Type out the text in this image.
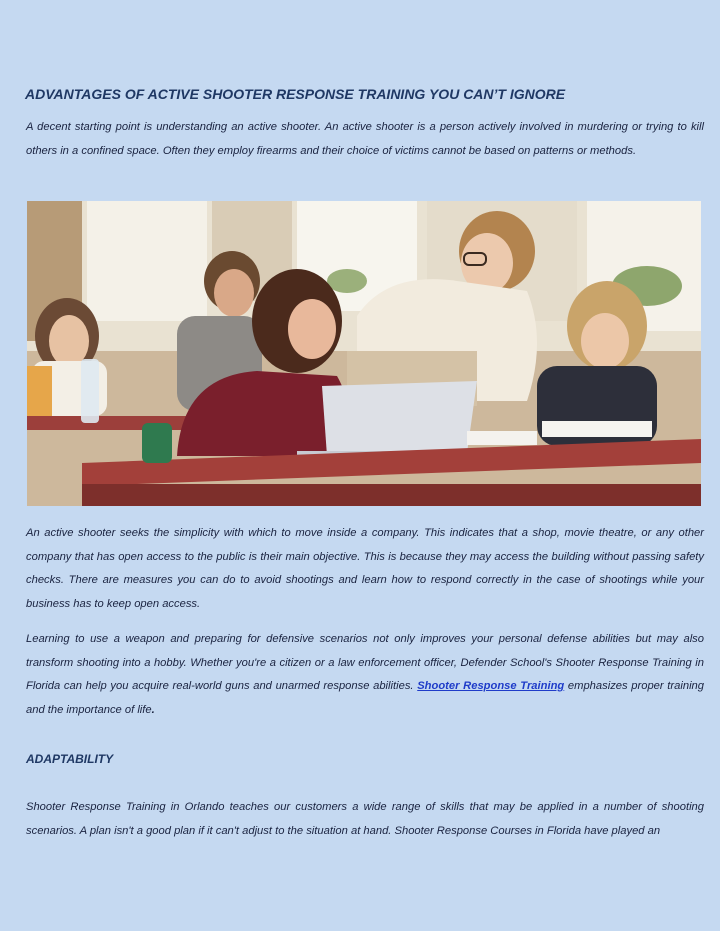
ADVANTAGES OF ACTIVE SHOOTER RESPONSE TRAINING YOU CAN’T IGNORE

A decent starting point is understanding an active shooter. An active shooter is a person actively involved in murdering or trying to kill others in a confined space. Often they employ firearms and their choice of victims cannot be based on patterns or methods.

An active shooter seeks the simplicity with which to move inside a company. This indicates that a shop, movie theatre, or any other company that has open access to the public is their main objective. This is because they may access the building without passing safety checks. There are measures you can do to avoid shootings and learn how to respond correctly in the case of shootings while your business has to keep open access.

Learning to use a weapon and preparing for defensive scenarios not only improves your personal defense abilities but may also transform shooting into a hobby. Whether you're a citizen or a law enforcement officer, Defender School's Shooter Response Training in Florida can help you acquire real-world guns and unarmed response abilities. Shooter Response Training emphasizes proper training and the importance of life.

ADAPTABILITY

Shooter Response Training in Orlando teaches our customers a wide range of skills that may be applied in a number of shooting scenarios. A plan isn't a good plan if it can't adjust to the situation at hand. Shooter Response Courses in Florida have played an
